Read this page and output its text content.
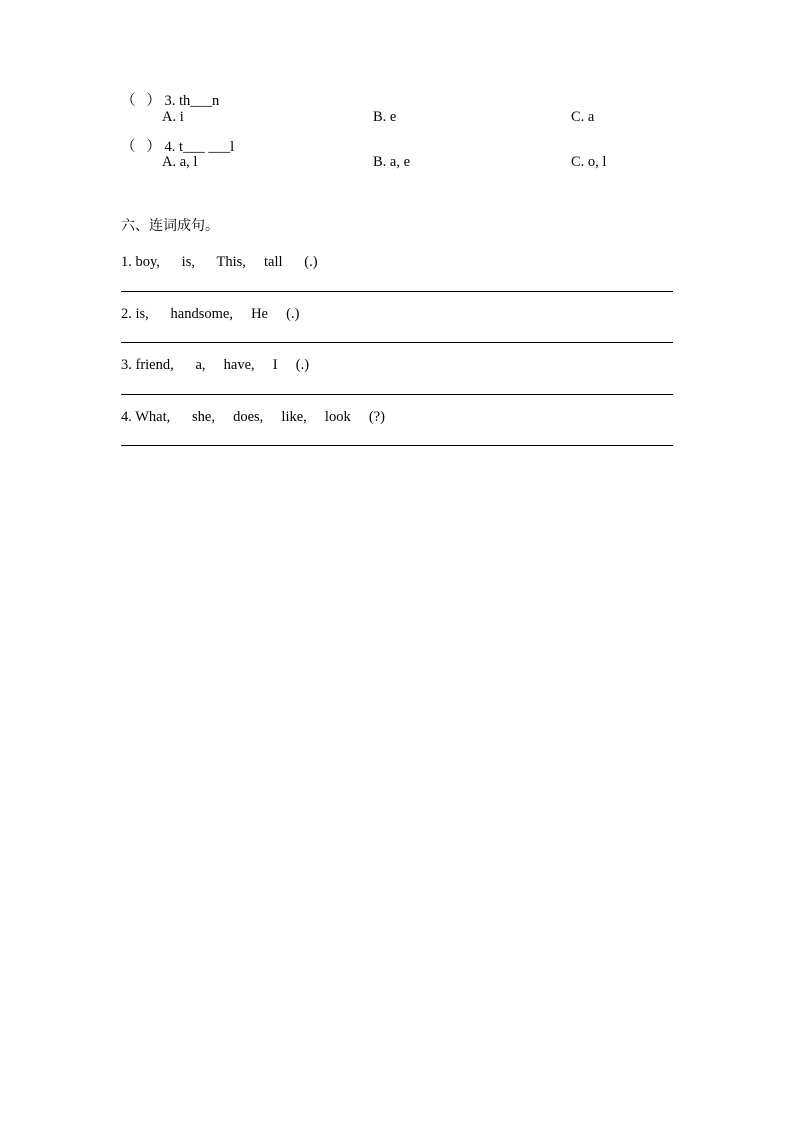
（   ） 3. th___n
A. i	B. e	C. a
（   ） 4. t___ ___l
A. a, l	B. a, e	C. o, l
六、连词成句。
1. boy,      is,      This,     tall      (.)
2. is,      handsome,     He     (.)
3. friend,      a,     have,     I     (.)
4. What,      she,     does,     like,     look     (?)
